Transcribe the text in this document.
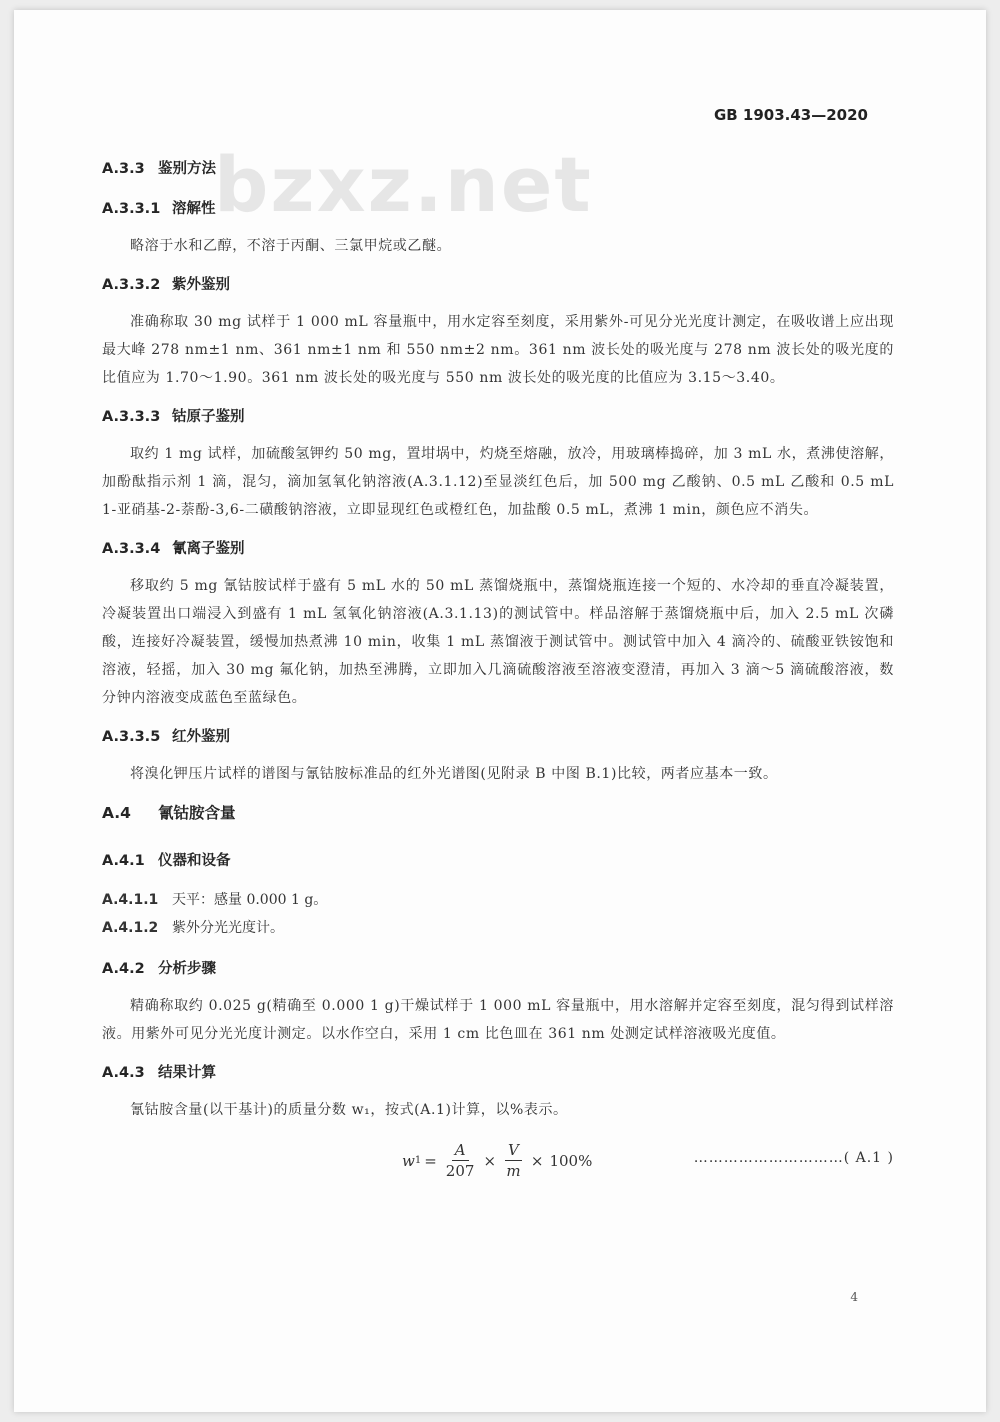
GB 1903.43—2020
bzxz.net
A.3.3 鉴别方法
A.3.3.1 溶解性

略溶于水和乙醇，不溶于丙酮、三氯甲烷或乙醚。

A.3.3.2 紫外鉴别

准确称取 30 mg 试样于 1 000 mL 容量瓶中，用水定容至刻度，采用紫外-可见分光光度计测定，在吸收谱上应出现最大峰 278 nm±1 nm、361 nm±1 nm 和 550 nm±2 nm。361 nm 波长处的吸光度与 278 nm 波长处的吸光度的比值应为 1.70～1.90。361 nm 波长处的吸光度与 550 nm 波长处的吸光度的比值应为 3.15～3.40。

A.3.3.3 钴原子鉴别

取约 1 mg 试样，加硫酸氢钾约 50 mg，置坩埚中，灼烧至熔融，放冷，用玻璃棒捣碎，加 3 mL 水，煮沸使溶解，加酚酞指示剂 1 滴，混匀，滴加氢氧化钠溶液(A.3.1.12)至显淡红色后，加 500 mg 乙酸钠、0.5 mL 乙酸和 0.5 mL 1-亚硝基-2-萘酚-3,6-二磺酸钠溶液，立即显现红色或橙红色，加盐酸 0.5 mL，煮沸 1 min，颜色应不消失。

A.3.3.4 氰离子鉴别

移取约 5 mg 氰钴胺试样于盛有 5 mL 水的 50 mL 蒸馏烧瓶中，蒸馏烧瓶连接一个短的、水冷却的垂直冷凝装置，冷凝装置出口端浸入到盛有 1 mL 氢氧化钠溶液(A.3.1.13)的测试管中。样品溶解于蒸馏烧瓶中后，加入 2.5 mL 次磷酸，连接好冷凝装置，缓慢加热煮沸 10 min，收集 1 mL 蒸馏液于测试管中。测试管中加入 4 滴冷的、硫酸亚铁铵饱和溶液，轻摇，加入 30 mg 氟化钠，加热至沸腾，立即加入几滴硫酸溶液至溶液变澄清，再加入 3 滴～5 滴硫酸溶液，数分钟内溶液变成蓝色至蓝绿色。

A.3.3.5 红外鉴别

将溴化钾压片试样的谱图与氰钴胺标准品的红外光谱图(见附录 B 中图 B.1)比较，两者应基本一致。

A.4 氰钴胺含量
A.4.1 仪器和设备

A.4.1.1 天平：感量 0.000 1 g。

A.4.1.2 紫外分光光度计。

A.4.2 分析步骤

精确称取约 0.025 g(精确至 0.000 1 g)干燥试样于 1 000 mL 容量瓶中，用水溶解并定容至刻度，混匀得到试样溶液。用紫外可见分光光度计测定。以水作空白，采用 1 cm 比色皿在 361 nm 处测定试样溶液吸光度值。

A.4.3 结果计算

氰钴胺含量(以干基计)的质量分数 w₁，按式(A.1)计算，以%表示。

w $1 = \frac{A}{207} \times \frac{V}{m} \times 100\%$	…………………………( A.1 )
4
